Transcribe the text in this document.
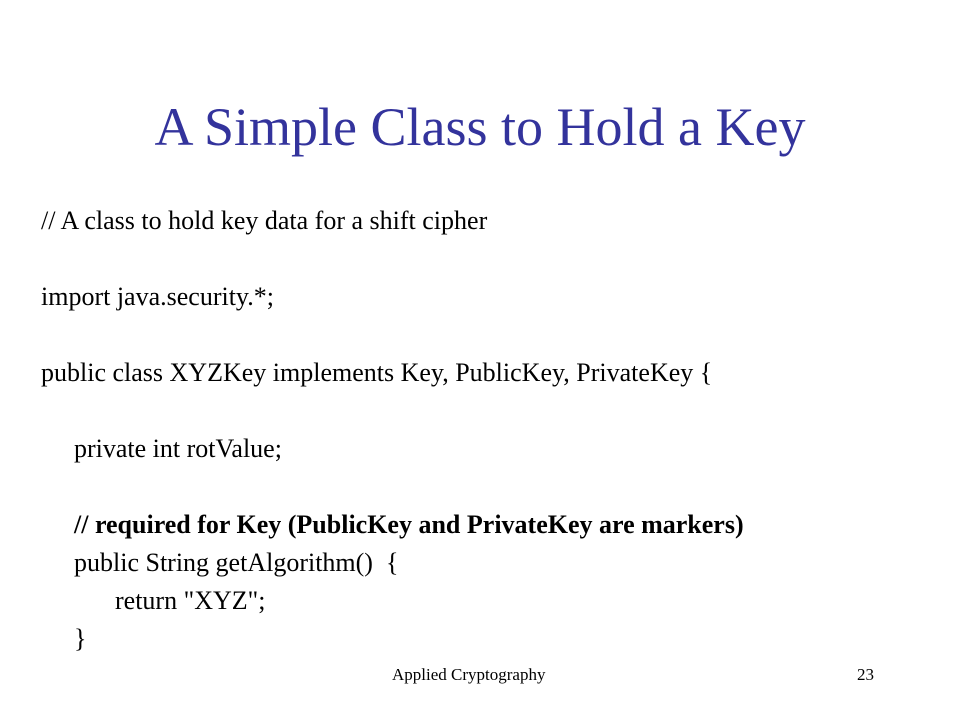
A Simple Class to Hold a Key
// A class to hold key data for a shift cipher
import java.security.*;
public class XYZKey implements Key, PublicKey, PrivateKey {
private int rotValue;
// required for Key (PublicKey and PrivateKey are markers)
public String getAlgorithm()  {
return "XYZ";
}
Applied Cryptography	23
